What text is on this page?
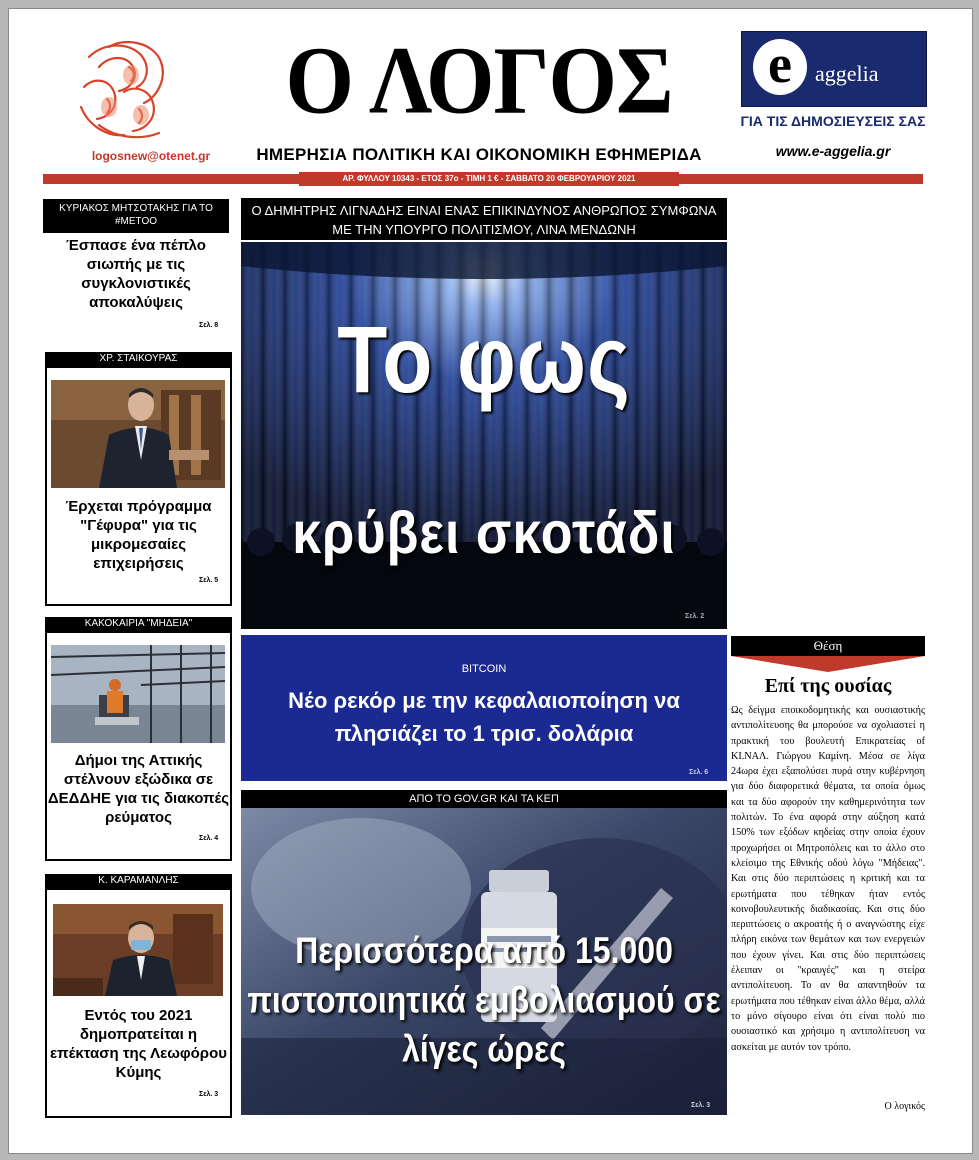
logosnew@otenet.gr
Ο ΛΟΓΟΣ
ΗΜΕΡΗΣΙΑ ΠΟΛΙΤΙΚΗ ΚΑΙ ΟΙΚΟΝΟΜΙΚΗ ΕΦΗΜΕΡΙΔΑ
e	aggelia
ΓΙΑ ΤΙΣ ΔΗΜΟΣΙΕΥΣΕΙΣ ΣΑΣ
www.e-aggelia.gr
ΑΡ. ΦΥΛΛΟΥ 10343 - ΕΤΟΣ 37ο - ΤΙΜΗ 1 € - ΣΑΒΒΑΤΟ 20 ΦΕΒΡΟΥΑΡΙΟΥ 2021
ΚΥΡΙΑΚΟΣ ΜΗΤΣΟΤΑΚΗΣ ΓΙΑ ΤΟ #ΜΕΤΟΟ
Έσπασε ένα πέπλο σιωπής με τις συγκλονιστικές αποκαλύψεις
Σελ. 8
ΧΡ. ΣΤΑΙΚΟΥΡΑΣ
Έρχεται πρόγραμμα "Γέφυρα" για τις μικρομεσαίες επιχειρήσεις
Σελ. 5
ΚΑΚΟΚΑΙΡΙΑ "ΜΗΔΕΙΑ"
Δήμοι της Αττικής στέλνουν εξώδικα σε ΔΕΔΔΗΕ για τις διακοπές ρεύματος
Σελ. 4
Κ. ΚΑΡΑΜΑΝΛΗΣ
Εντός του 2021 δημοπρατείται η επέκταση της Λεωφόρου Κύμης
Σελ. 3
Ο ΔΗΜΗΤΡΗΣ ΛΙΓΝΑΔΗΣ ΕΙΝΑΙ ΕΝΑΣ ΕΠΙΚΙΝΔΥΝΟΣ ΑΝΘΡΩΠΟΣ ΣΥΜΦΩΝΑ ΜΕ ΤΗΝ ΥΠΟΥΡΓΟ ΠΟΛΙΤΙΣΜΟΥ, ΛΙΝΑ ΜΕΝΔΩΝΗ
Το φως
κρύβει σκοτάδι
Σελ. 2
BITCOIN
Νέο ρεκόρ με την κεφαλαιοποίηση να πλησιάζει το 1 τρισ. δολάρια
Σελ. 6
ΑΠΟ ΤΟ GOV.GR ΚΑΙ ΤΑ ΚΕΠ
Περισσότερα από 15.000 πιστοποιητικά εμβολιασμού σε λίγες ώρες
Σελ. 3
Θέση
Επί της ουσίας
Ως δείγμα εποικοδομητικής και ουσιαστικής αντιπολίτευσης θα μπορούσε να σχολιαστεί η πρακτική του βουλευτή Επικρατείας of ΚΙ.ΝΑΛ. Γιώργου Καμίνη. Μέσα σε λίγα 24ωρα έχει εξαπολύσει πυρά στην κυβέρνηση για δύο διαφορετικά θέματα, τα οποία όμως και τα δύο αφορούν την καθημερινότητα των πολιτών. Το ένα αφορά στην αύξηση κατά 150% των εξόδων κηδείας στην οποία έχουν προχωρήσει οι Μητροπόλεις και το άλλο στο κλείσιμο της Εθνικής οδού λόγω "Μήδειας". Και στις δύο περιπτώσεις η κριτική και τα ερωτήματα που τέθηκαν ήταν εντός κοινοβουλευτικής διαδικασίας. Και στις δύο περιπτώσεις ο ακροατής ή ο αναγνώστης είχε πλήρη εικόνα των θεμάτων και των ενεργειών που έχουν γίνει. Και στις δύο περιπτώσεις έλειπαν οι "κραυγές" και η στείρα αντιπολίτευση. Το αν θα απαντηθούν τα ερωτήματα που τέθηκαν είναι άλλο θέμα, αλλά το μόνο σίγουρο είναι ότι είναι πολύ πιο ουσιαστικό και χρήσιμο η αντιπολίτευση να ασκείται με αυτόν τον τρόπο.
Ο λογικός
